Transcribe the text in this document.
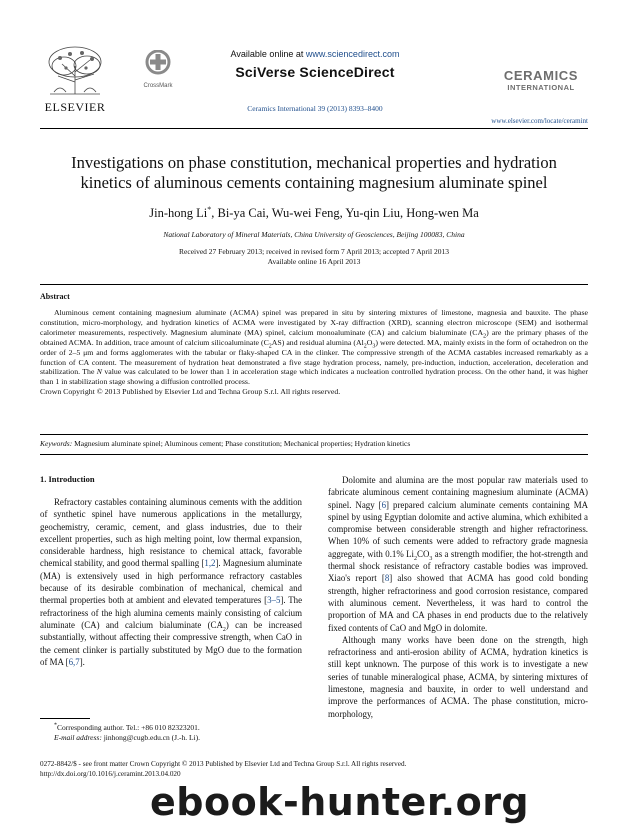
ELSEVIER
CrossMark
Available online at www.sciencedirect.com
SciVerse ScienceDirect
Ceramics International 39 (2013) 8393–8400
CERAMICS
INTERNATIONAL
www.elsevier.com/locate/ceramint
Investigations on phase constitution, mechanical properties and hydration
kinetics of aluminous cements containing magnesium aluminate spinel
Jin-hong Li*, Bi-ya Cai, Wu-wei Feng, Yu-qin Liu, Hong-wen Ma
National Laboratory of Mineral Materials, China University of Geosciences, Beijing 100083, China
Received 27 February 2013; received in revised form 7 April 2013; accepted 7 April 2013
Available online 16 April 2013
Abstract
Aluminous cement containing magnesium aluminate (ACMA) spinel was prepared in situ by sintering mixtures of limestone, magnesia and bauxite. The phase constitution, micro-morphology, and hydration kinetics of ACMA were investigated by X-ray diffraction (XRD), scanning electron microscope (SEM) and isothermal calorimeter measurements, respectively. Magnesium aluminate (MA) spinel, calcium monoaluminate (CA) and calcium bialuminate $(CA_2)$ are the primary phases of the obtained ACMA. In addition, trace amount of calcium silicoaluminate $(C_2AS)$ and residual alumina $(Al_2O_3)$ were detected. MA, mainly exists in the form of octahedron on the order of 2–5 μm and forms agglomerates with the tabular or flaky-shaped CA in the clinker. The compressive strength of the ACMA castables increased remarkably as a function of CA content. The measurement of hydration heat demonstrated a five stage hydration process, namely, pre-induction, induction, acceleration, deceleration and stabilization. The N value was calculated to be lower than 1 in acceleration stage which indicates a nucleation controlled hydration process. On the other hand, it was higher than 1 in stabilization stage showing a diffusion controlled process.
Crown Copyright © 2013 Published by Elsevier Ltd and Techna Group S.r.l. All rights reserved.
Keywords: Magnesium aluminate spinel; Aluminous cement; Phase constitution; Mechanical properties; Hydration kinetics
1. Introduction

Refractory castables containing aluminous cements with the addition of synthetic spinel have numerous applications in the metallurgy, geochemistry, ceramic, cement, and glass industries, due to their excellent properties, such as high melting point, low thermal expansion, considerable hardness, high resistance to chemical attack, favorable chemical stability, and good thermal spalling [1,2]. Magnesium aluminate (MA) is extensively used in high performance refractory castables because of its desirable combination of mechanical, chemical and thermal properties both at ambient and elevated temperatures [3–5]. The refractoriness of the high alumina cements mainly consisting of calcium aluminate (CA) and calcium bialuminate $(CA_2)$ can be increased substantially, without affecting their compressive strength, when CaO in the cement clinker is partially substituted by MgO due to the formation of MA [6,7].

Dolomite and alumina are the most popular raw materials used to fabricate aluminous cement containing magnesium aluminate (ACMA) spinel. Nagy [6] prepared calcium aluminate cements containing MA spinel by using Egyptian dolomite and active alumina, which exhibited a compromise between considerable strength and higher refractoriness. When 10% of such cements were added to refractory grade magnesia aggregate, with 0.1% $Li_2CO_3$ as a strength modifier, the hot-strength and thermal shock resistance of refractory castable bodies was improved. Xiao's report [8] also showed that ACMA has good cold bonding strength, higher refractoriness and good corrosion resistance, compared with aluminous cement. Nevertheless, it was hard to control the proportion of MA and CA phases in end products due to the relatively fixed contents of CaO and MgO in dolomite.

Although many works have been done on the strength, high refractoriness and anti-erosion ability of ACMA, hydration kinetics is still kept unknown. The purpose of this work is to investigate a new series of tunable mineralogical phase, ACMA, by sintering mixtures of limestone, magnesia and bauxite, in order to well understand and improve the performances of ACMA. The phase constitution, micro-morphology,

*Corresponding author. Tel.: +86 010 82323201.
E-mail address: jinhong@cugb.edu.cn (J.-h. Li).
0272-8842/$ - see front matter Crown Copyright © 2013 Published by Elsevier Ltd and Techna Group S.r.l. All rights reserved.
http://dx.doi.org/10.1016/j.ceramint.2013.04.020
ebook-hunter.org
